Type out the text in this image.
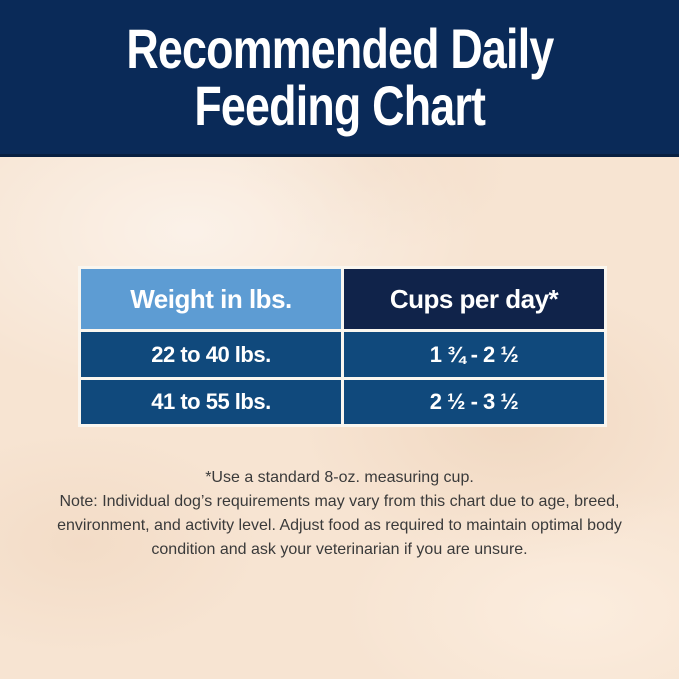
Recommended Daily
Feeding Chart
Weight in lbs.	Cups per day*
22 to 40 lbs.	1 ¾ - 2 ½
41 to 55 lbs.	2 ½ - 3 ½

*Use a standard 8-oz. measuring cup.

Note: Individual dog’s requirements may vary from this chart due to age, breed, environment, and activity level. Adjust food as required to maintain optimal body condition and ask your veterinarian if you are unsure.
